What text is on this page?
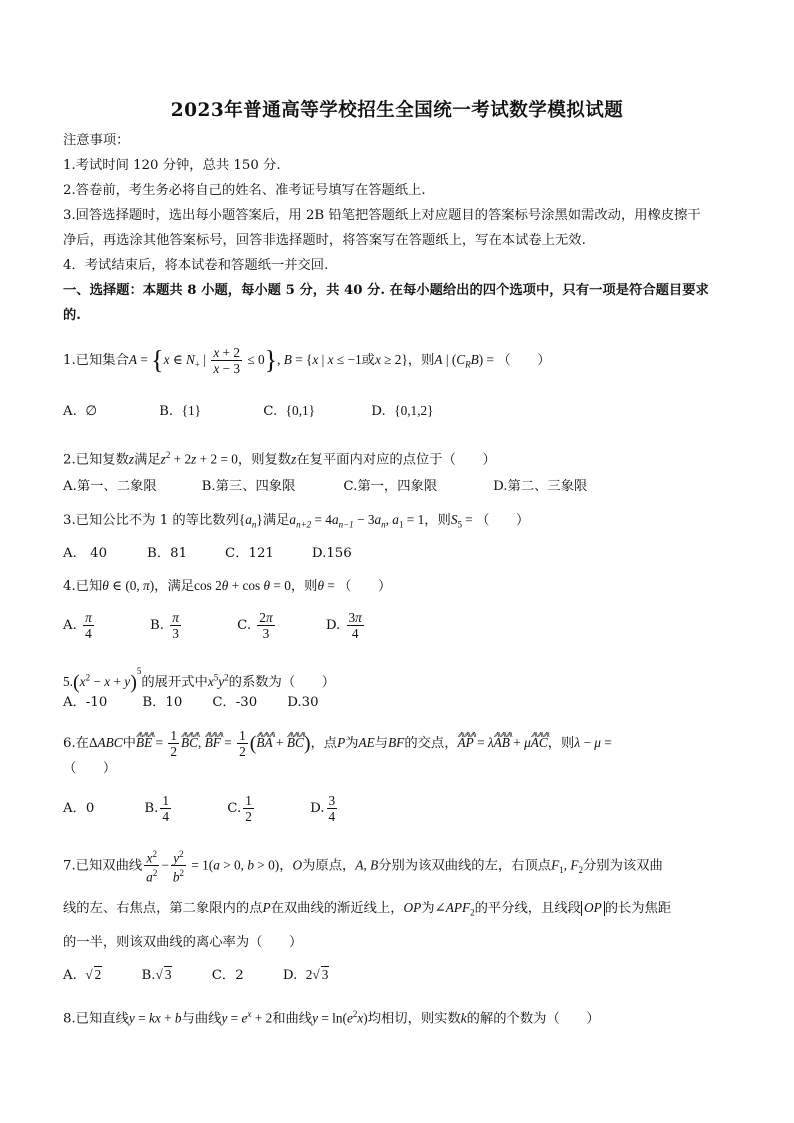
2023年普通高等学校招生全国统一考试数学模拟试题
注意事项：
1.考试时间 120 分钟，总共 150 分.
2.答卷前，考生务必将自己的姓名、准考证号填写在答题纸上.
3.回答选择题时，选出每小题答案后，用 2B 铅笔把答题纸上对应题目的答案标号涂黑如需改动，用橡皮擦干
净后，再选涂其他答案标号，回答非选择题时，将答案写在答题纸上，写在本试卷上无效.
4．考试结束后，将本试卷和答题纸一并交回.
一、选择题：本题共 8 小题，每小题 5 分，共 40 分. 在每小题给出的四个选项中，只有一项是符合题目要求
的.
1.已知集合A = {x ∈ $N_+$ | $\frac{x + 2}{x - 3} \le 0$}, B = {x | x ≤ −1或x ≥ 2}，则A | $(C_RB)$ = （　　）
A. ∅	B. {1}	C. {0,1}	D. {0,1,2}
2.已知复数z满足$z^2 + 2z + 2 = 0$，则复数z在复平面内对应的点位于（　　）
A.第一、二象限	B.第三、四象限	C.第一，四象限	D.第二、三象限
3.已知公比不为 1 的等比数列$\{a_n\}$满足$a_{n+2} = 4a_{n-1} - 3a_n$, $a_1 = 1$，则$S_5$ = （　　）
A.　40	B．81	C．121	D.156
4.已知θ ∈ (0, π)，满足cos 2θ + cos θ = 0，则θ = （　　）
A. $\frac{\pi}{4}$	B. $\frac{\pi}{3}$	C. $\frac{2\pi}{3}$	D. $\frac{3\pi}{4}$
$5.(x^2 - x + y)^5$的展开式中$x^5y^2$的系数为（　　）
A．-10	B．10 C．-30 D.30
6.在ΔABC中⨇⨇⨇ BE = $\frac{1}{2}$
⨇⨇⨇ BC, ⨇⨇⨇ BF = $\frac{1}{2}$ (⨇⨇⨇ BA + ⨇⨇⨇ BC)，点P为AE与BF的交点，⨇⨇⨇ AP = λ⨇⨇⨇ AB + μ⨇⨇⨇ AC，则λ − μ =
（　　）
A．0	B. $\frac{1}{4}$	C. $\frac{1}{2}$	D. $\frac{3}{4}$
7.已知双曲线 $\frac{x^2}{a^2} - \frac{y^2}{b^2} = 1(a > 0$, b > 0)，O为原点，A, B分别为该双曲线的左，右顶点$F_1$, $F_2$分别为该双曲
线的左、右焦点，第二象限内的点P在双曲线的渐近线上，OP为$\angle APF_2$的平分线，且线段 OP 的长为焦距
的一半，则该双曲线的离心率为（　　）
A. √ 2	B.√ 3	C．2	D. 2√ 3
8.已知直线y = kx + b与曲线$y = e^x + 2$和曲线$y = \ln(e^2x)$均相切，则实数k的解的个数为（　　）
